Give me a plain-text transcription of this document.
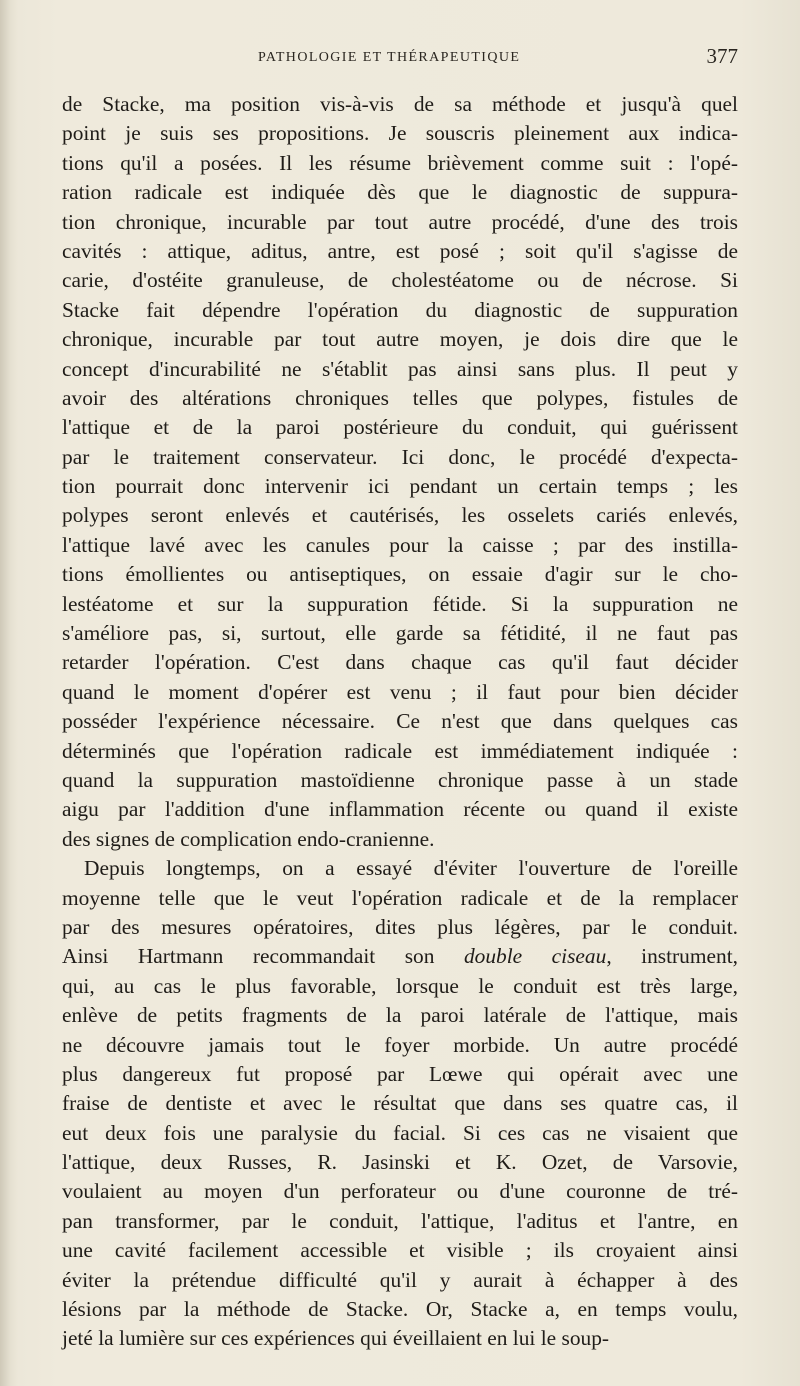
PATHOLOGIE ET THÉRAPEUTIQUE	377
de Stacke, ma position vis-à-vis de sa méthode et jusqu'à quel
point je suis ses propositions. Je souscris pleinement aux indica-
tions qu'il a posées. Il les résume brièvement comme suit : l'opé-
ration radicale est indiquée dès que le diagnostic de suppura-
tion chronique, incurable par tout autre procédé, d'une des trois
cavités : attique, aditus, antre, est posé ; soit qu'il s'agisse de
carie, d'ostéite granuleuse, de cholestéatome ou de nécrose. Si
Stacke fait dépendre l'opération du diagnostic de suppuration
chronique, incurable par tout autre moyen, je dois dire que le
concept d'incurabilité ne s'établit pas ainsi sans plus. Il peut y
avoir des altérations chroniques telles que polypes, fistules de
l'attique et de la paroi postérieure du conduit, qui guérissent
par le traitement conservateur. Ici donc, le procédé d'expecta-
tion pourrait donc intervenir ici pendant un certain temps ; les
polypes seront enlevés et cautérisés, les osselets cariés enlevés,
l'attique lavé avec les canules pour la caisse ; par des instilla-
tions émollientes ou antiseptiques, on essaie d'agir sur le cho-
lestéatome et sur la suppuration fétide. Si la suppuration ne
s'améliore pas, si, surtout, elle garde sa fétidité, il ne faut pas
retarder l'opération. C'est dans chaque cas qu'il faut décider
quand le moment d'opérer est venu ; il faut pour bien décider
posséder l'expérience nécessaire. Ce n'est que dans quelques cas
déterminés que l'opération radicale est immédiatement indiquée :
quand la suppuration mastoïdienne chronique passe à un stade
aigu par l'addition d'une inflammation récente ou quand il existe
des signes de complication endo-cranienne.
Depuis longtemps, on a essayé d'éviter l'ouverture de l'oreille
moyenne telle que le veut l'opération radicale et de la remplacer
par des mesures opératoires, dites plus légères, par le conduit.
Ainsi Hartmann recommandait son double ciseau, instrument,
qui, au cas le plus favorable, lorsque le conduit est très large,
enlève de petits fragments de la paroi latérale de l'attique, mais
ne découvre jamais tout le foyer morbide. Un autre procédé
plus dangereux fut proposé par Lœwe qui opérait avec une
fraise de dentiste et avec le résultat que dans ses quatre cas, il
eut deux fois une paralysie du facial. Si ces cas ne visaient que
l'attique, deux Russes, R. Jasinski et K. Ozet, de Varsovie,
voulaient au moyen d'un perforateur ou d'une couronne de tré-
pan transformer, par le conduit, l'attique, l'aditus et l'antre, en
une cavité facilement accessible et visible ; ils croyaient ainsi
éviter la prétendue difficulté qu'il y aurait à échapper à des
lésions par la méthode de Stacke. Or, Stacke a, en temps voulu,
jeté la lumière sur ces expériences qui éveillaient en lui le soup-
